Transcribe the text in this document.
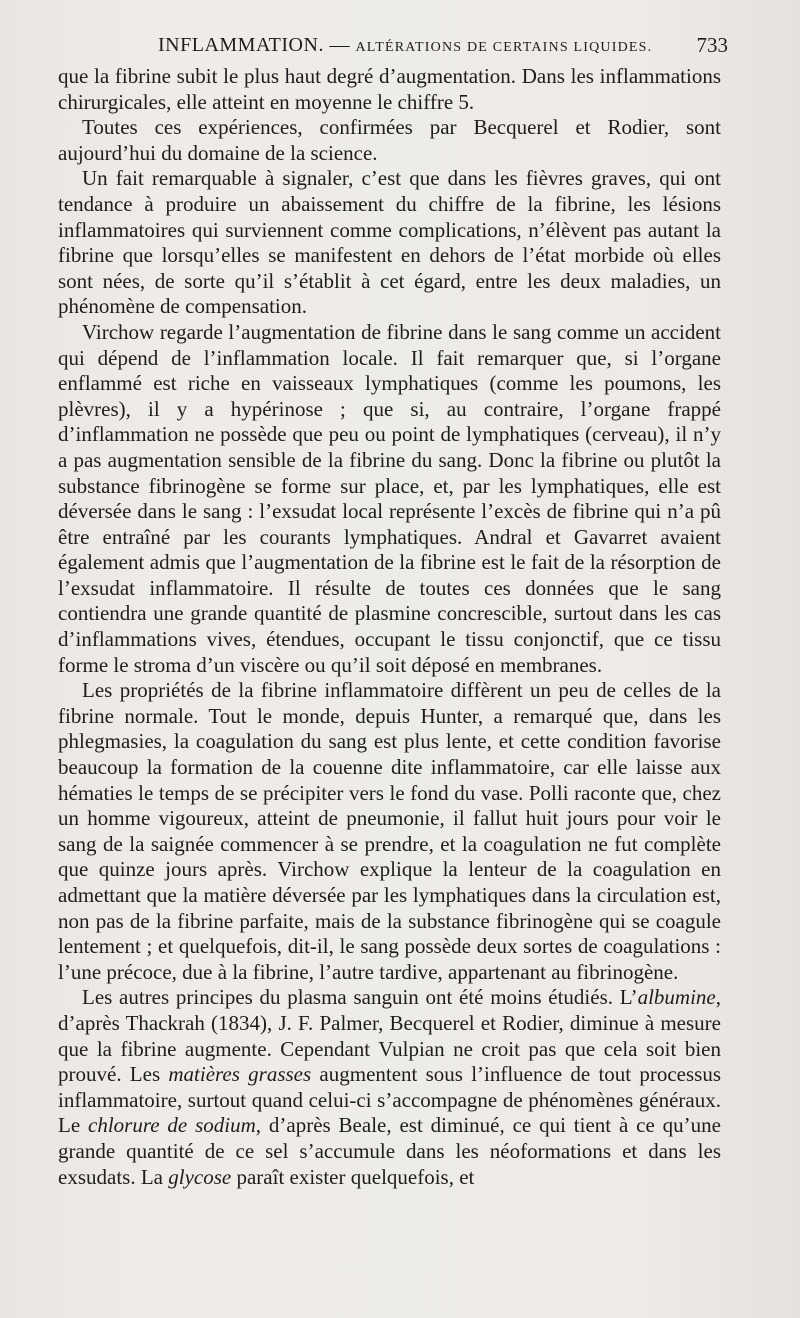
INFLAMMATION. — ALTÉRATIONS DE CERTAINS LIQUIDES. 733

que la fibrine subit le plus haut degré d’augmentation. Dans les inflammations chirurgicales, elle atteint en moyenne le chiffre 5.

Toutes ces expériences, confirmées par Becquerel et Rodier, sont aujourd’hui du domaine de la science.

Un fait remarquable à signaler, c’est que dans les fièvres graves, qui ont tendance à produire un abaissement du chiffre de la fibrine, les lésions inflammatoires qui surviennent comme complications, n’élèvent pas autant la fibrine que lorsqu’elles se manifestent en dehors de l’état morbide où elles sont nées, de sorte qu’il s’établit à cet égard, entre les deux maladies, un phénomène de compensation.

Virchow regarde l’augmentation de fibrine dans le sang comme un accident qui dépend de l’inflammation locale. Il fait remarquer que, si l’organe enflammé est riche en vaisseaux lymphatiques (comme les poumons, les plèvres), il y a hypérinose ; que si, au contraire, l’organe frappé d’inflammation ne possède que peu ou point de lymphatiques (cerveau), il n’y a pas augmentation sensible de la fibrine du sang. Donc la fibrine ou plutôt la substance fibrinogène se forme sur place, et, par les lymphatiques, elle est déversée dans le sang : l’exsudat local représente l’excès de fibrine qui n’a pû être entraîné par les courants lymphatiques. Andral et Gavarret avaient également admis que l’augmentation de la fibrine est le fait de la résorption de l’exsudat inflammatoire. Il résulte de toutes ces données que le sang contiendra une grande quantité de plasmine concrescible, surtout dans les cas d’inflammations vives, étendues, occupant le tissu conjonctif, que ce tissu forme le stroma d’un viscère ou qu’il soit déposé en membranes.

Les propriétés de la fibrine inflammatoire diffèrent un peu de celles de la fibrine normale. Tout le monde, depuis Hunter, a remarqué que, dans les phlegmasies, la coagulation du sang est plus lente, et cette condition favorise beaucoup la formation de la couenne dite inflammatoire, car elle laisse aux hématies le temps de se précipiter vers le fond du vase. Polli raconte que, chez un homme vigoureux, atteint de pneumonie, il fallut huit jours pour voir le sang de la saignée commencer à se prendre, et la coagulation ne fut complète que quinze jours après. Virchow explique la lenteur de la coagulation en admettant que la matière déversée par les lymphatiques dans la circulation est, non pas de la fibrine parfaite, mais de la substance fibrinogène qui se coagule lentement ; et quelquefois, dit-il, le sang possède deux sortes de coagulations : l’une précoce, due à la fibrine, l’autre tardive, appartenant au fibrinogène.

Les autres principes du plasma sanguin ont été moins étudiés. L’albumine, d’après Thackrah (1834), J. F. Palmer, Becquerel et Rodier, diminue à mesure que la fibrine augmente. Cependant Vulpian ne croit pas que cela soit bien prouvé. Les matières grasses augmentent sous l’influence de tout processus inflammatoire, surtout quand celui-ci s’accompagne de phénomènes généraux. Le chlorure de sodium, d’après Beale, est diminué, ce qui tient à ce qu’une grande quantité de ce sel s’accumule dans les néoformations et dans les exsudats. La glycose paraît exister quelquefois, et
